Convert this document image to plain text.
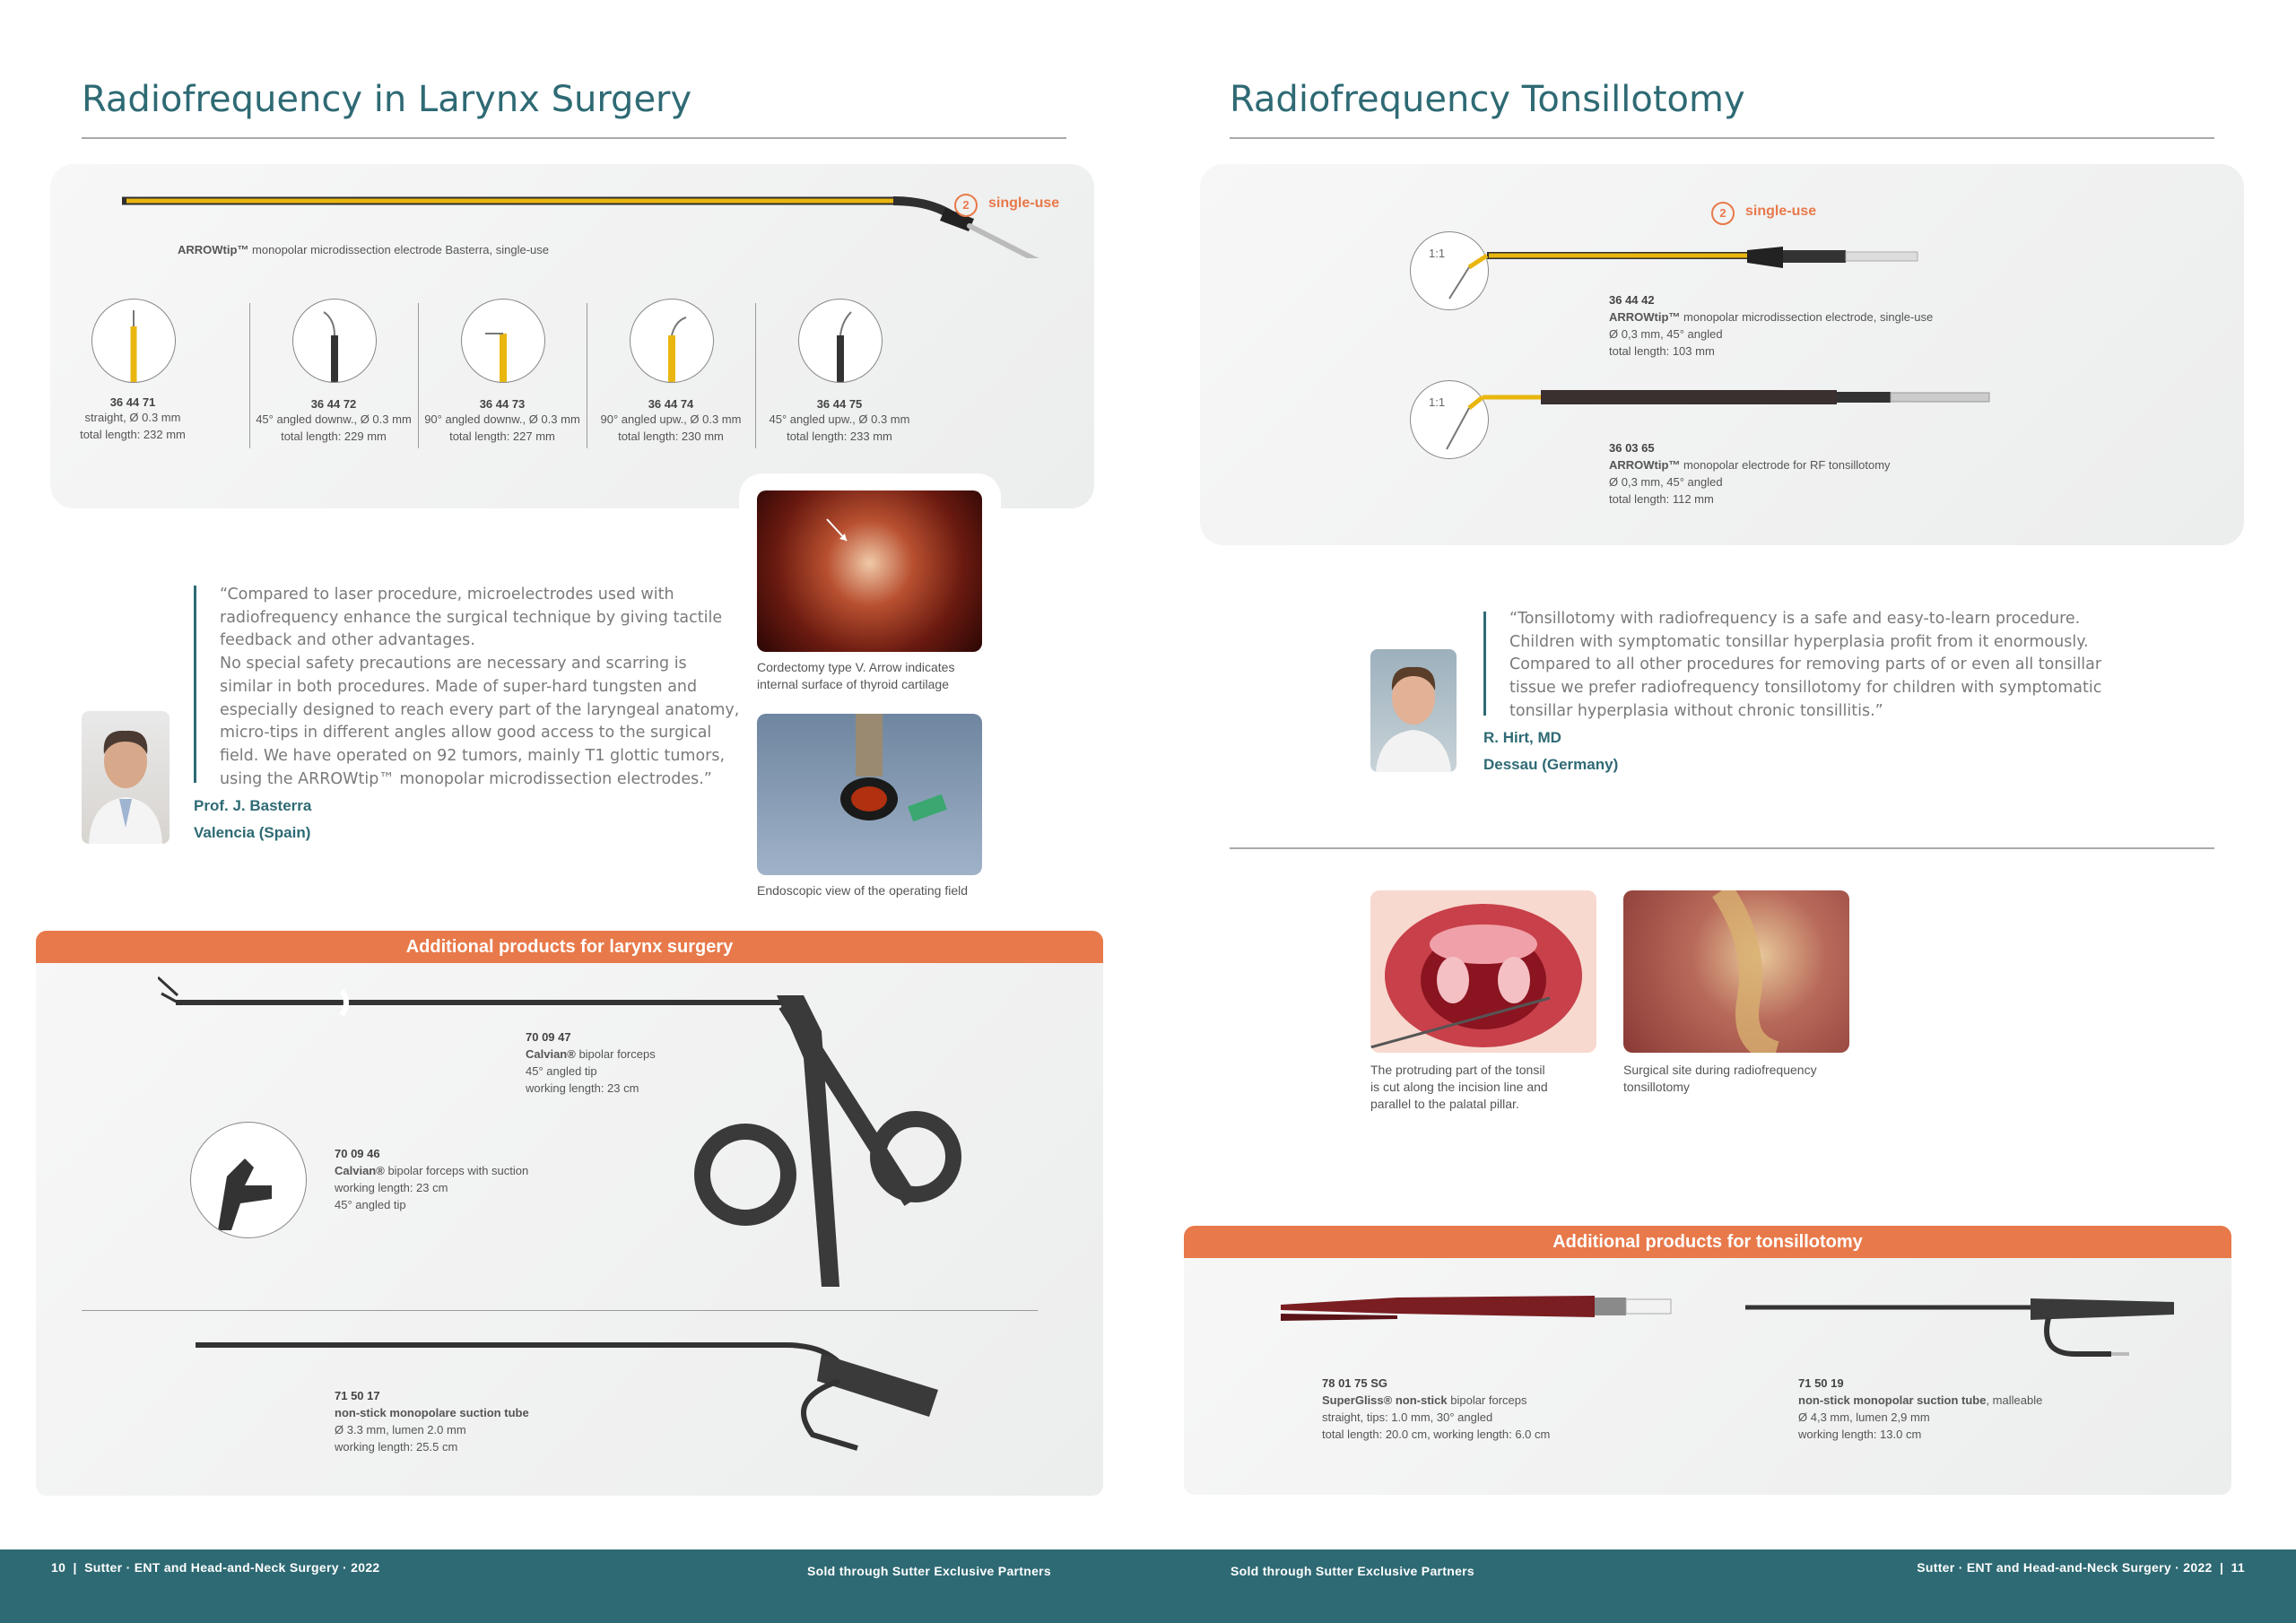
Radiofrequency in Larynx Surgery
2	single-use
ARROWtip™ monopolar microdissection electrode Basterra, single-use
36 44 71
straight, Ø 0.3 mm
total length: 232 mm
36 44 72
45° angled downw., Ø 0.3 mm
total length: 229 mm
36 44 73
90° angled downw., Ø 0.3 mm
total length: 227 mm
36 44 74
90° angled upw., Ø 0.3 mm
total length: 230 mm
36 44 75
45° angled upw., Ø 0.3 mm
total length: 233 mm
“Compared to laser procedure, microelectrodes used with
radiofrequency enhance the surgical technique by giving tactile
feedback and other advantages.
No special safety precautions are necessary and scarring is
similar in both procedures. Made of super-hard tungsten and
especially designed to reach every part of the laryngeal anatomy,
micro-tips in different angles allow good access to the surgical
field. We have operated on 92 tumors, mainly T1 glottic tumors,
using the ARROWtip™ monopolar microdissection electrodes.”
Prof. J. Basterra
Valencia (Spain)
Cordectomy type V. Arrow indicates
internal surface of thyroid cartilage
Endoscopic view of the operating field
Additional products for larynx surgery
70 09 47
Calvian® bipolar forceps
45° angled tip
working length: 23 cm
70 09 46
Calvian® bipolar forceps with suction
working length: 23 cm
45° angled tip
71 50 17
non-stick monopolare suction tube
Ø 3.3 mm, lumen 2.0 mm
working length: 25.5 cm
Radiofrequency Tonsillotomy
2	single-use
1:1
36 44 42
ARROWtip™ monopolar microdissection electrode, single-use
Ø 0,3 mm, 45° angled
total length: 103 mm
1:1
36 03 65
ARROWtip™ monopolar electrode for RF tonsillotomy
Ø 0,3 mm, 45° angled
total length: 112 mm
“Tonsillotomy with radiofrequency is a safe and easy-to-learn procedure.
Children with symptomatic tonsillar hyperplasia profit from it enormously.
Compared to all other procedures for removing parts of or even all tonsillar
tissue we prefer radiofrequency tonsillotomy for children with symptomatic
tonsillar hyperplasia without chronic tonsillitis.”
R. Hirt, MD
Dessau (Germany)
The protruding part of the tonsil
is cut along the incision line and
parallel to the palatal pillar.
Surgical site during radiofrequency
tonsillotomy
Additional products for tonsillotomy
78 01 75 SG
SuperGliss® non-stick bipolar forceps
straight, tips: 1.0 mm, 30° angled
total length: 20.0 cm, working length: 6.0 cm
71 50 19
non-stick monopolar suction tube, malleable
Ø 4,3 mm, lumen 2,9 mm
working length: 13.0 cm
10  |  Sutter · ENT and Head-and-Neck Surgery · 2022	Sold through Sutter Exclusive Partners	Sold through Sutter Exclusive Partners	Sutter · ENT and Head-and-Neck Surgery · 2022  |  11
